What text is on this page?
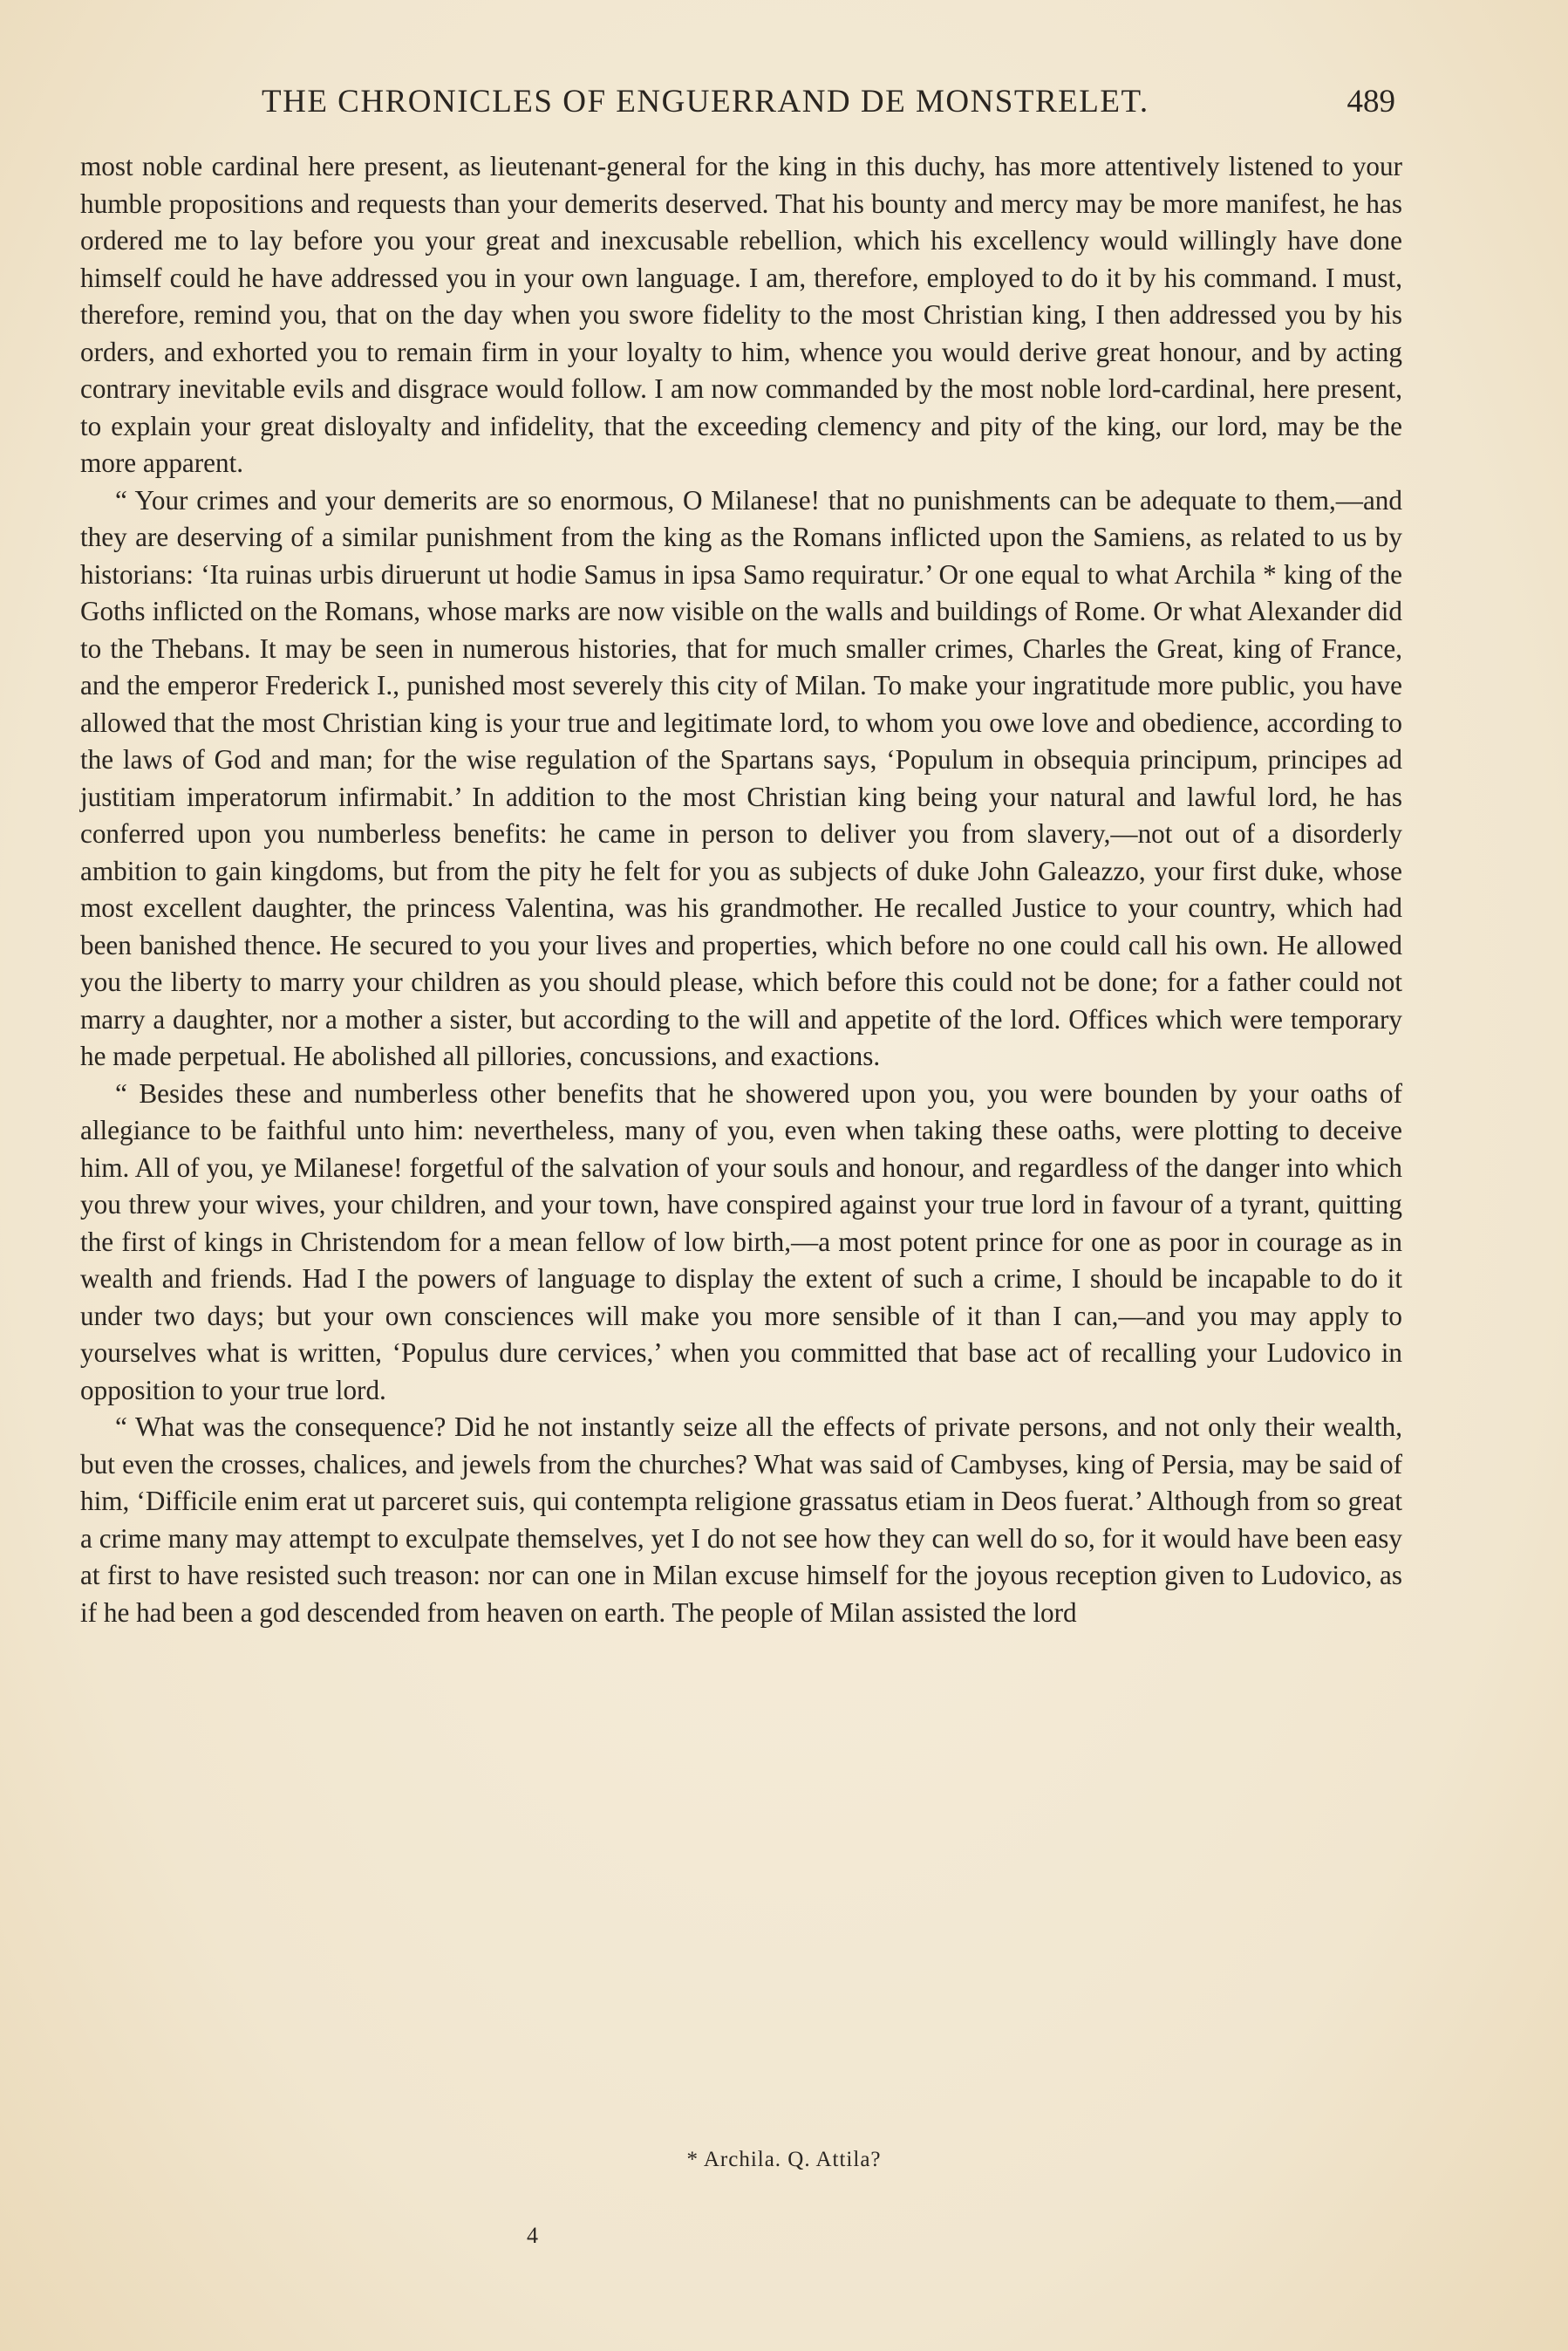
THE CHRONICLES OF ENGUERRAND DE MONSTRELET.	489

most noble cardinal here present, as lieutenant-general for the king in this duchy, has more attentively listened to your humble propositions and requests than your demerits deserved. That his bounty and mercy may be more manifest, he has ordered me to lay before you your great and inexcusable rebellion, which his excellency would willingly have done himself could he have addressed you in your own language. I am, therefore, employed to do it by his command. I must, therefore, remind you, that on the day when you swore fidelity to the most Christian king, I then addressed you by his orders, and exhorted you to remain firm in your loyalty to him, whence you would derive great honour, and by acting contrary inevitable evils and disgrace would follow. I am now commanded by the most noble lord-cardinal, here present, to explain your great disloyalty and infidelity, that the exceeding clemency and pity of the king, our lord, may be the more apparent.

“ Your crimes and your demerits are so enormous, O Milanese! that no punishments can be adequate to them,—and they are deserving of a similar punishment from the king as the Romans inflicted upon the Samiens, as related to us by historians: ‘Ita ruinas urbis diruerunt ut hodie Samus in ipsa Samo requiratur.’ Or one equal to what Archila * king of the Goths inflicted on the Romans, whose marks are now visible on the walls and buildings of Rome. Or what Alexander did to the Thebans. It may be seen in numerous histories, that for much smaller crimes, Charles the Great, king of France, and the emperor Frederick I., punished most severely this city of Milan. To make your ingratitude more public, you have allowed that the most Christian king is your true and legitimate lord, to whom you owe love and obedience, according to the laws of God and man; for the wise regulation of the Spartans says, ‘Populum in obsequia principum, principes ad justitiam imperatorum infirmabit.’ In addition to the most Christian king being your natural and lawful lord, he has conferred upon you numberless benefits: he came in person to deliver you from slavery,—not out of a disorderly ambition to gain kingdoms, but from the pity he felt for you as subjects of duke John Galeazzo, your first duke, whose most excellent daughter, the princess Valentina, was his grandmother. He recalled Justice to your country, which had been banished thence. He secured to you your lives and properties, which before no one could call his own. He allowed you the liberty to marry your children as you should please, which before this could not be done; for a father could not marry a daughter, nor a mother a sister, but according to the will and appetite of the lord. Offices which were temporary he made perpetual. He abolished all pillories, concussions, and exactions.

“ Besides these and numberless other benefits that he showered upon you, you were bounden by your oaths of allegiance to be faithful unto him: nevertheless, many of you, even when taking these oaths, were plotting to deceive him. All of you, ye Milanese! forgetful of the salvation of your souls and honour, and regardless of the danger into which you threw your wives, your children, and your town, have conspired against your true lord in favour of a tyrant, quitting the first of kings in Christendom for a mean fellow of low birth,—a most potent prince for one as poor in courage as in wealth and friends. Had I the powers of language to display the extent of such a crime, I should be incapable to do it under two days; but your own consciences will make you more sensible of it than I can,—and you may apply to yourselves what is written, ‘Populus dure cervices,’ when you committed that base act of recalling your Ludovico in opposition to your true lord.

“ What was the consequence? Did he not instantly seize all the effects of private persons, and not only their wealth, but even the crosses, chalices, and jewels from the churches? What was said of Cambyses, king of Persia, may be said of him, ‘Difficile enim erat ut parceret suis, qui contempta religione grassatus etiam in Deos fuerat.’ Although from so great a crime many may attempt to exculpate themselves, yet I do not see how they can well do so, for it would have been easy at first to have resisted such treason: nor can one in Milan excuse himself for the joyous reception given to Ludovico, as if he had been a god descended from heaven on earth. The people of Milan assisted the lord

* Archila. Q. Attila?
4
